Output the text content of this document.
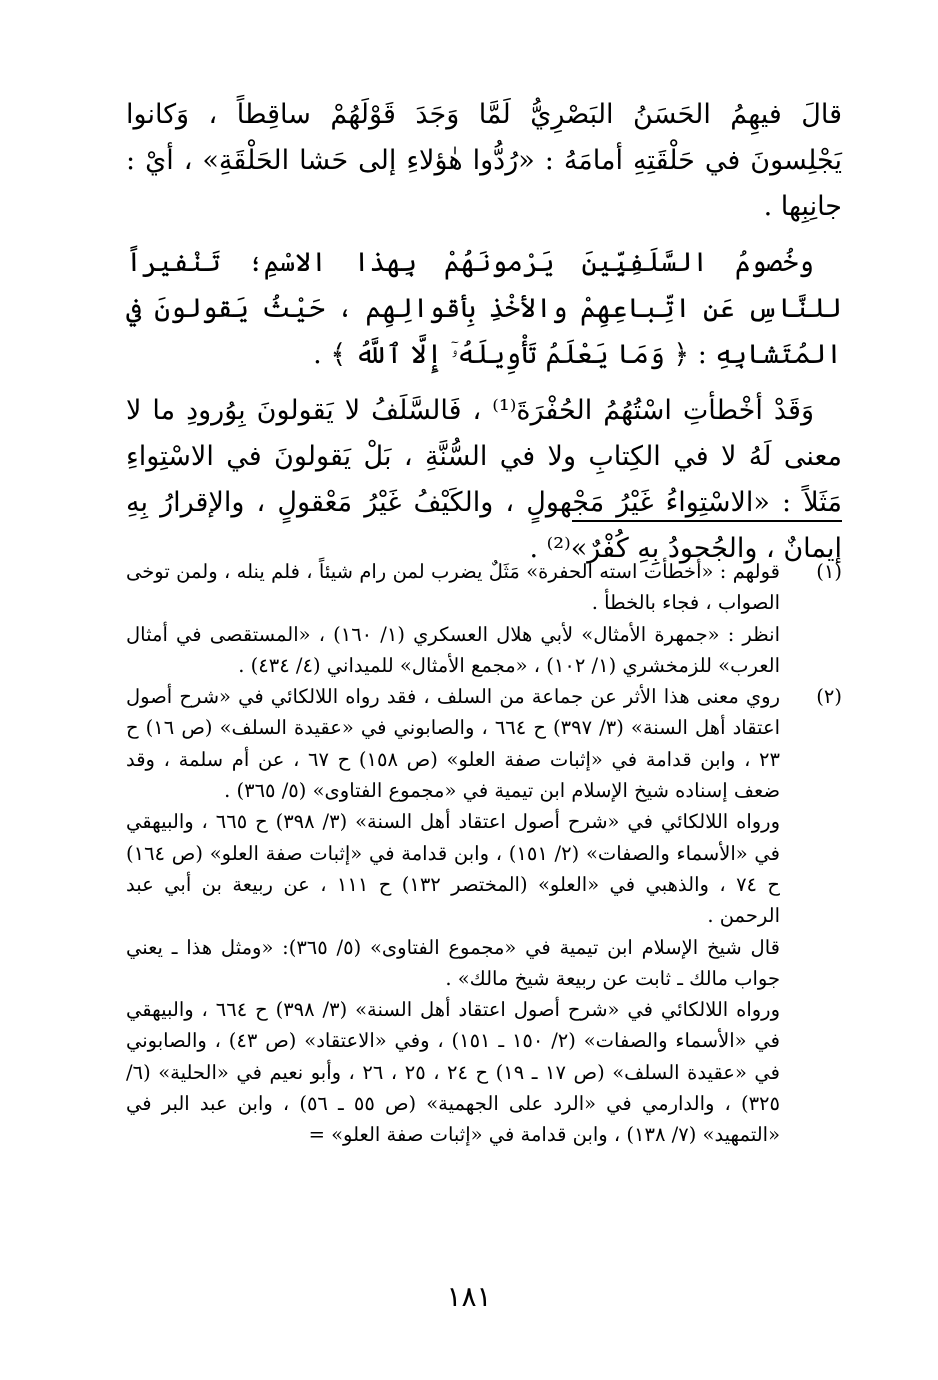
قالَ فيهِمُ الحَسَنُ البَصْرِيُّ لَمَّا وَجَدَ قَوْلَهُمْ ساقِطاً ، وَكانوا يَجْلِسونَ في حَلْقَتِهِ أمامَهُ : «رُدُّوا هٰؤلاءِ إلى حَشا الحَلْقَةِ» ، أيْ : جانِبِها .

وخُصومُ السَّلَفِيِّينَ يَرْمونَهُمْ بِهذا الاسْمِ؛ تَنْفيراً للنَّاسِ عَنِ اتِّباعِهِمْ والأخْذِ بِأقوالِهِم ، حَيْثُ يَقولونَ في المُتَشابِهِ : ﴿ وَمَا يَعْلَمُ تَأْوِيلَهُۥٓ إِلَّا ٱللَّهُ ﴾ .

وَقَدْ أخْطأتِ اسْتُهُمُ الحُفْرَةَ⁽¹⁾ ، فَالسَّلَفُ لا يَقولونَ بِوُرودِ ما لا معنى لَهُ لا في الكِتابِ ولا في السُّنَّةِ ، بَلْ يَقولونَ في الاسْتِواءِ مَثَلاً : «الاسْتِواءُ غَيْرُ مَجْهولٍ ، والكَيْفُ غَيْرُ مَعْقولٍ ، والإقرارُ بِهِ إيمانٌ ، والجُحودُ بِهِ كُفْرٌ»⁽²⁾ .

(١)

قولهم : «أخطأت استه الحفرة» مَثَلٌ يضرب لمن رام شيئاً ، فلم ينله ، ولمن توخى الصواب ، فجاء بالخطأ .

انظر : «جمهرة الأمثال» لأبي هلال العسكري (١/ ١٦٠) ، «المستقصى في أمثال العرب» للزمخشري (١/ ١٠٢) ، «مجمع الأمثال» للميداني (٤/ ٤٣٤) .

(٢)

روي معنى هذا الأثر عن جماعة من السلف ، فقد رواه اللالكائي في «شرح أصول اعتقاد أهل السنة» (٣/ ٣٩٧) ح ٦٦٤ ، والصابوني في «عقيدة السلف» (ص ١٦) ح ٢٣ ، وابن قدامة في «إثبات صفة العلو» (ص ١٥٨) ح ٦٧ ، عن أم سلمة ، وقد ضعف إسناده شيخ الإسلام ابن تيمية في «مجموع الفتاوى» (٥/ ٣٦٥) .

ورواه اللالكائي في «شرح أصول اعتقاد أهل السنة» (٣/ ٣٩٨) ح ٦٦٥ ، والبيهقي في «الأسماء والصفات» (٢/ ١٥١) ، وابن قدامة في «إثبات صفة العلو» (ص ١٦٤) ح ٧٤ ، والذهبي في «العلو» (المختصر ١٣٢) ح ١١١ ، عن ربيعة بن أبي عبد الرحمن .

قال شيخ الإسلام ابن تيمية في «مجموع الفتاوى» (٥/ ٣٦٥): «ومثل هذا ـ يعني جواب مالك ـ ثابت عن ربيعة شيخ مالك» .

ورواه اللالكائي في «شرح أصول اعتقاد أهل السنة» (٣/ ٣٩٨) ح ٦٦٤ ، والبيهقي في «الأسماء والصفات» (٢/ ١٥٠ ـ ١٥١) ، وفي «الاعتقاد» (ص ٤٣) ، والصابوني في «عقيدة السلف» (ص ١٧ ـ ١٩) ح ٢٤ ، ٢٥ ، ٢٦ ، وأبو نعيم في «الحلية» (٦/ ٣٢٥) ، والدارمي في «الرد على الجهمية» (ص ٥٥ ـ ٥٦) ، وابن عبد البر في «التمهيد» (٧/ ١٣٨) ، وابن قدامة في «إثبات صفة العلو» =

١٨١
